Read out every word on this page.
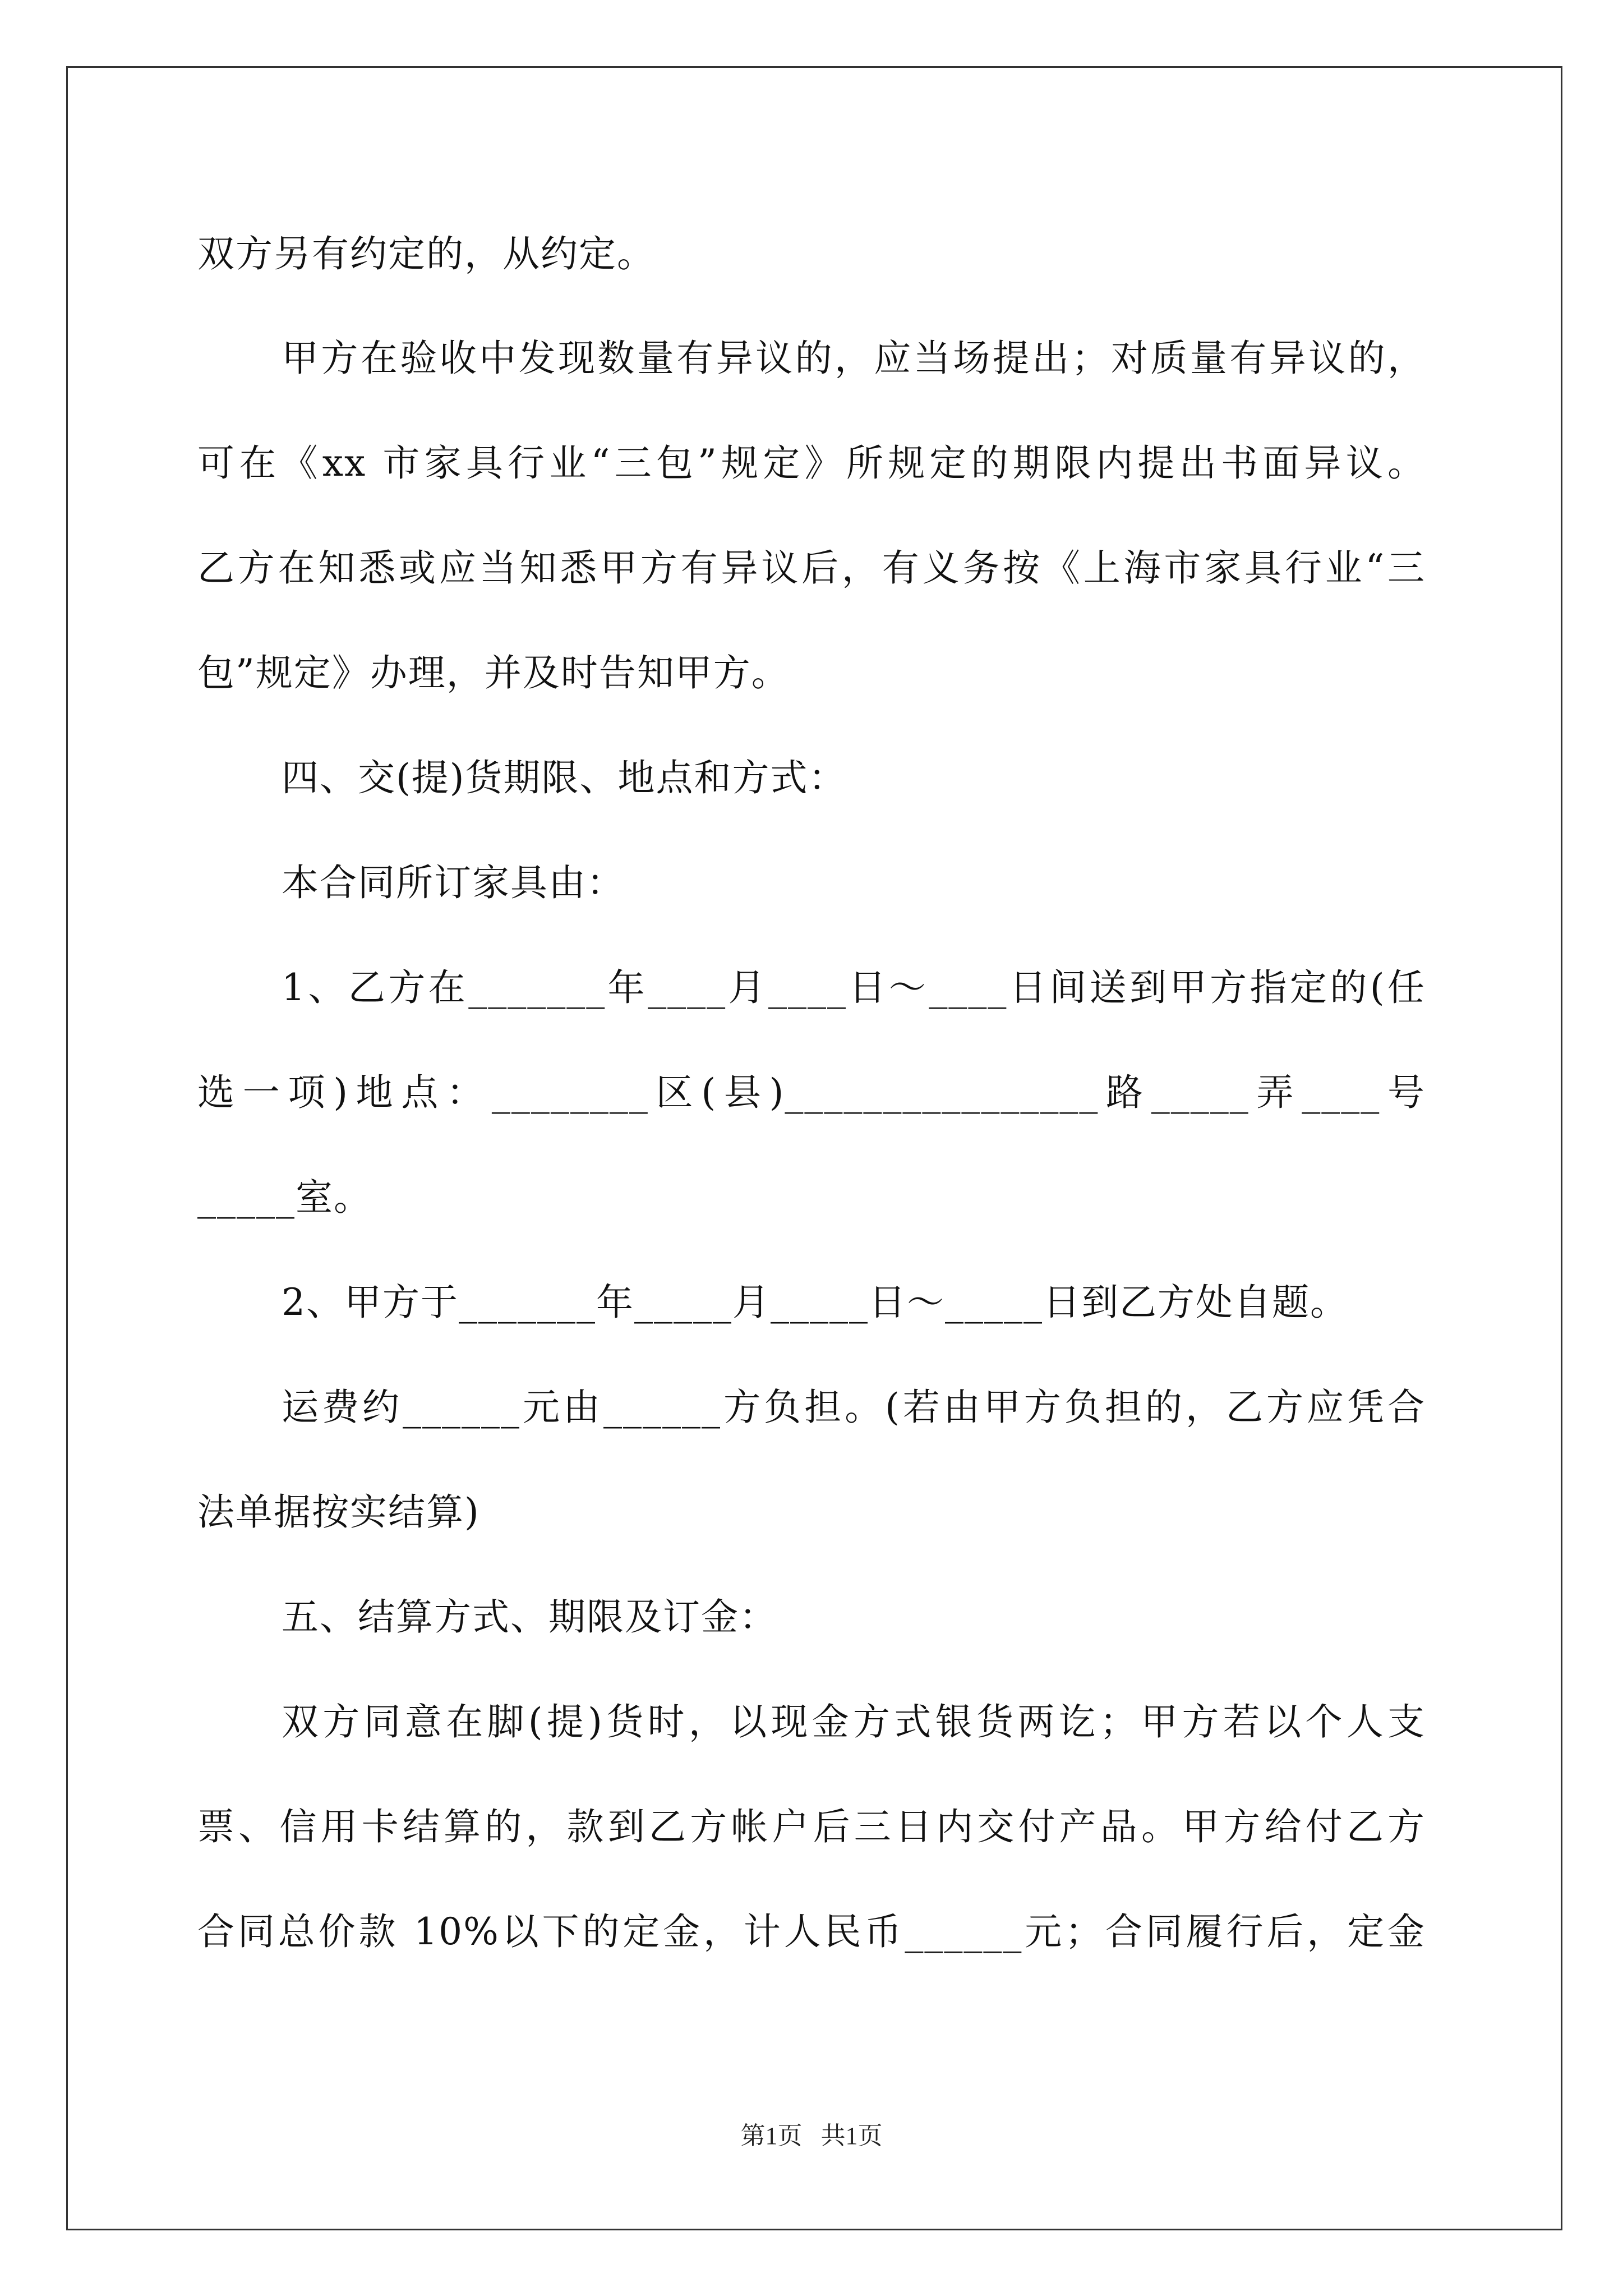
双方另有约定的，从约定。
甲方在验收中发现数量有异议的，应当场提出；对质量有异议的，
可在《xx 市家具行业“三包”规定》所规定的期限内提出书面异议。
乙方在知悉或应当知悉甲方有异议后，有义务按《上海市家具行业“三
包”规定》办理，并及时告知甲方。
四、交(提)货期限、地点和方式：
本合同所订家具由：
1、乙方在_______年____月____日～____日间送到甲方指定的(任
选一项)地点：________区(县)________________路_____弄____号
_____室。
2、甲方于_______年_____月_____日～_____日到乙方处自题。
运费约______元由______方负担。(若由甲方负担的，乙方应凭合
法单据按实结算)
五、结算方式、期限及订金：
双方同意在脚(提)货时，以现金方式银货两讫；甲方若以个人支
票、信用卡结算的，款到乙方帐户后三日内交付产品。甲方给付乙方
合同总价款 10%以下的定金，计人民币______元；合同履行后，定金
第1页   共1页
